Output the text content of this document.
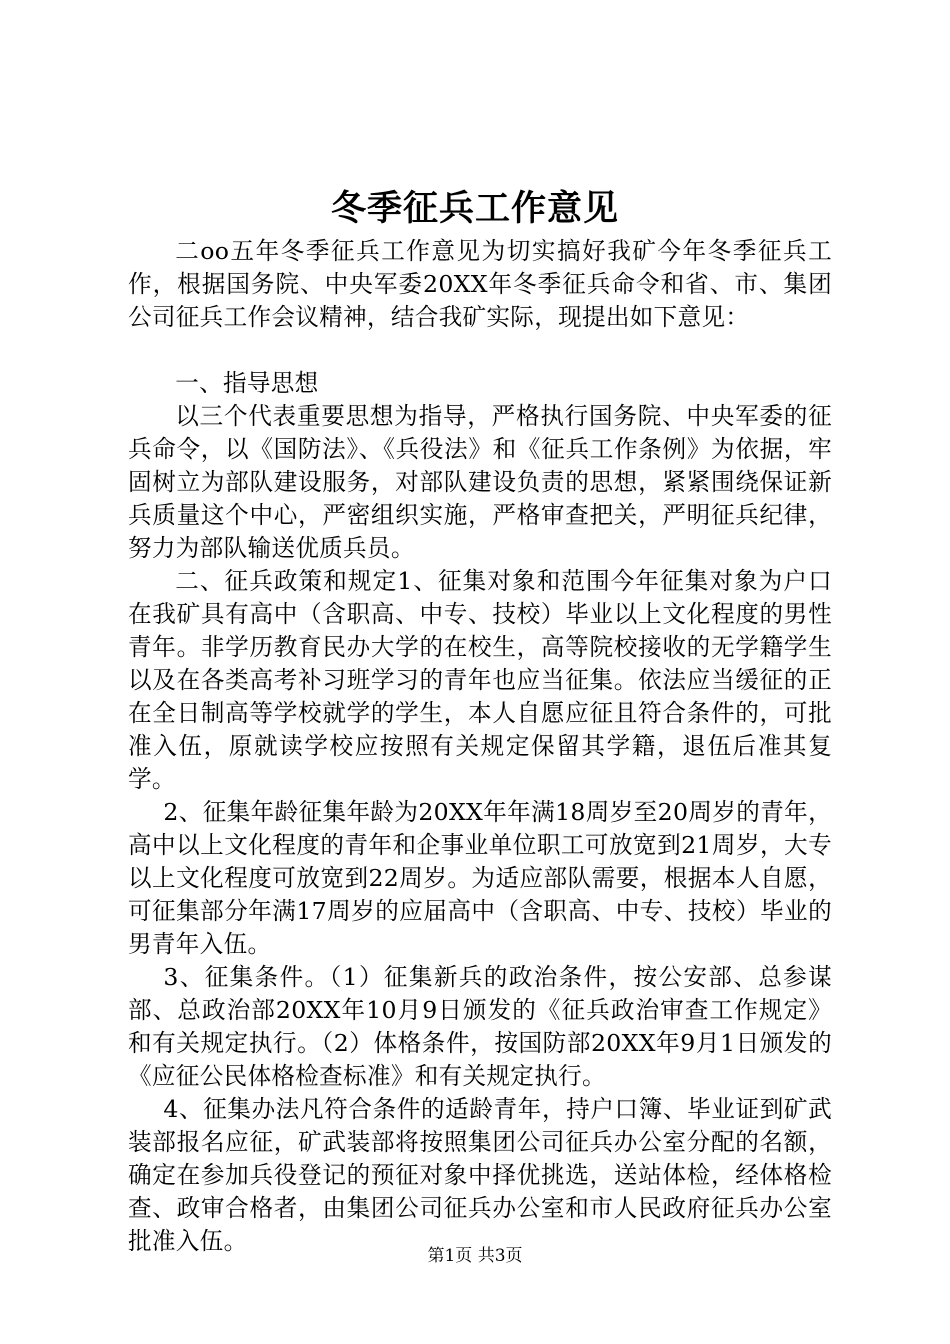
冬季征兵工作意见

二oo五年冬季征兵工作意见为切实搞好我矿今年冬季征兵工作，根据国务院、中央军委20XX年冬季征兵命令和省、市、集团公司征兵工作会议精神，结合我矿实际，现提出如下意见：

一、指导思想

以三个代表重要思想为指导，严格执行国务院、中央军委的征兵命令，以《国防法》、《兵役法》和《征兵工作条例》为依据，牢固树立为部队建设服务，对部队建设负责的思想，紧紧围绕保证新兵质量这个中心，严密组织实施，严格审查把关，严明征兵纪律，努力为部队输送优质兵员。

二、征兵政策和规定1、征集对象和范围今年征集对象为户口在我矿具有高中（含职高、中专、技校）毕业以上文化程度的男性青年。非学历教育民办大学的在校生，高等院校接收的无学籍学生以及在各类高考补习班学习的青年也应当征集。依法应当缓征的正在全日制高等学校就学的学生，本人自愿应征且符合条件的，可批准入伍，原就读学校应按照有关规定保留其学籍，退伍后准其复学。

2、征集年龄征集年龄为20XX年年满18周岁至20周岁的青年，高中以上文化程度的青年和企事业单位职工可放宽到21周岁，大专以上文化程度可放宽到22周岁。为适应部队需要，根据本人自愿，可征集部分年满17周岁的应届高中（含职高、中专、技校）毕业的男青年入伍。

3、征集条件。（1）征集新兵的政治条件，按公安部、总参谋部、总政治部20XX年10月9日颁发的《征兵政治审查工作规定》和有关规定执行。（2）体格条件，按国防部20XX年9月1日颁发的《应征公民体格检查标准》和有关规定执行。

4、征集办法凡符合条件的适龄青年，持户口簿、毕业证到矿武装部报名应征，矿武装部将按照集团公司征兵办公室分配的名额，确定在参加兵役登记的预征对象中择优挑选，送站体检，经体格检查、政审合格者，由集团公司征兵办公室和市人民政府征兵办公室批准入伍。

第1页 共3页
